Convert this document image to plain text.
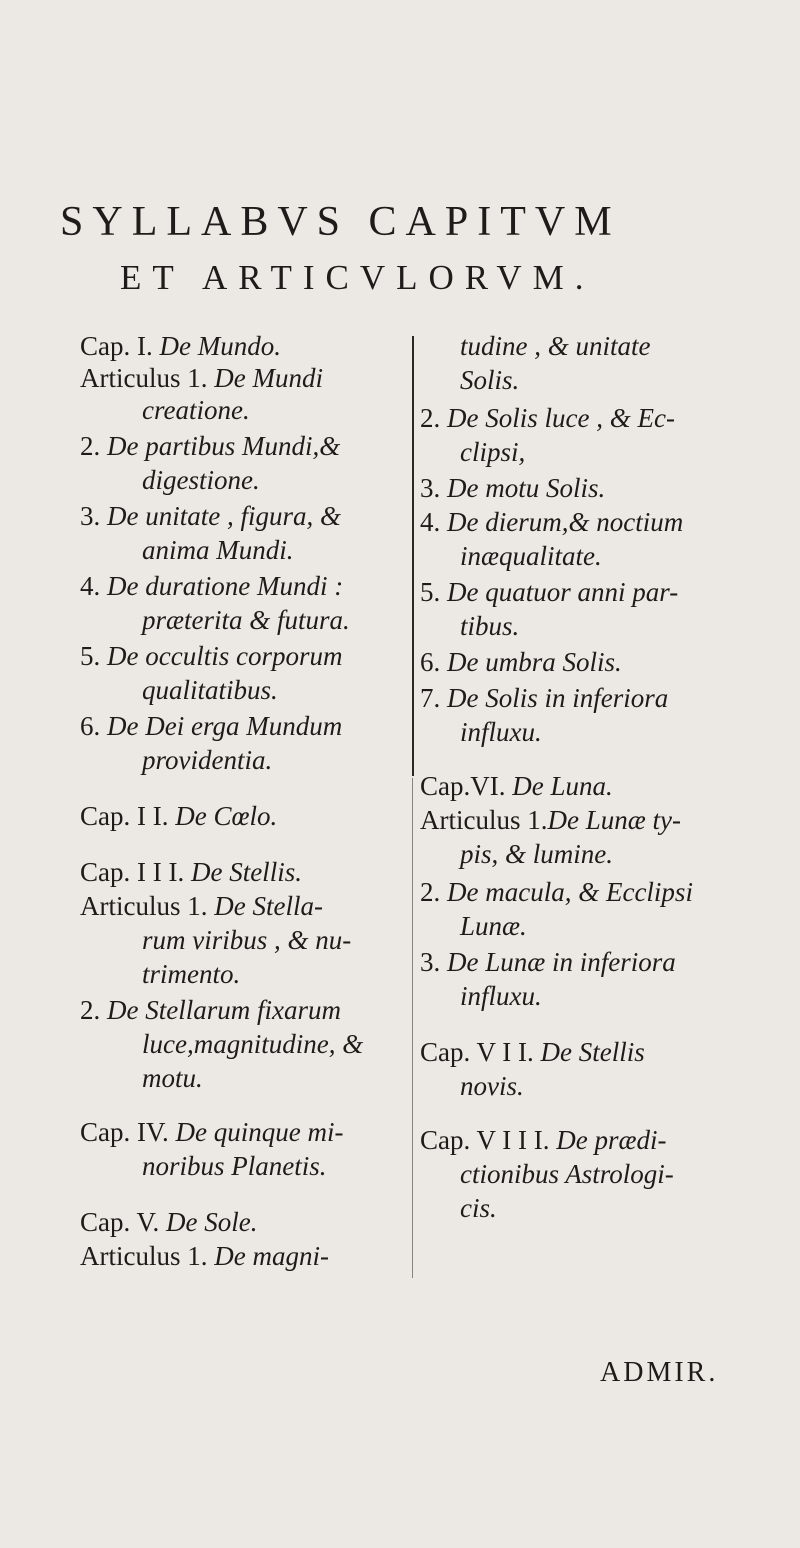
SYLLABVS CAPITVM
ET ARTICVLORVM.
Cap. I. De Mundo.
Articulus 1. De Mundi
creatione.
2. De partibus Mundi,&
digestione.
3. De unitate , figura, &
anima Mundi.
4. De duratione Mundi :
præterita & futura.
5. De occultis corporum
qualitatibus.
6. De Dei erga Mundum
providentia.
Cap. I I. De Cœlo.
Cap. I I I. De Stellis.
Articulus 1. De Stella-
rum viribus , & nu-
trimento.
2. De Stellarum fixarum
luce,magnitudine, &
motu.
Cap. IV. De quinque mi-
noribus Planetis.
Cap. V. De Sole.
Articulus 1. De magni-
tudine , & unitate
Solis.
2. De Solis luce , & Ec-
clipsi,
3. De motu Solis.
4. De dierum,& noctium
inæqualitate.
5. De quatuor anni par-
tibus.
6. De umbra Solis.
7. De Solis in inferiora
influxu.
Cap.VI. De Luna.
Articulus 1.De Lunæ ty-
pis, & lumine.
2. De macula, & Ecclipsi
Lunæ.
3. De Lunæ in inferiora
influxu.
Cap. V I I. De Stellis
novis.
Cap. V I I I. De prædi-
ctionibus Astrologi-
cis.
ADMIR.
